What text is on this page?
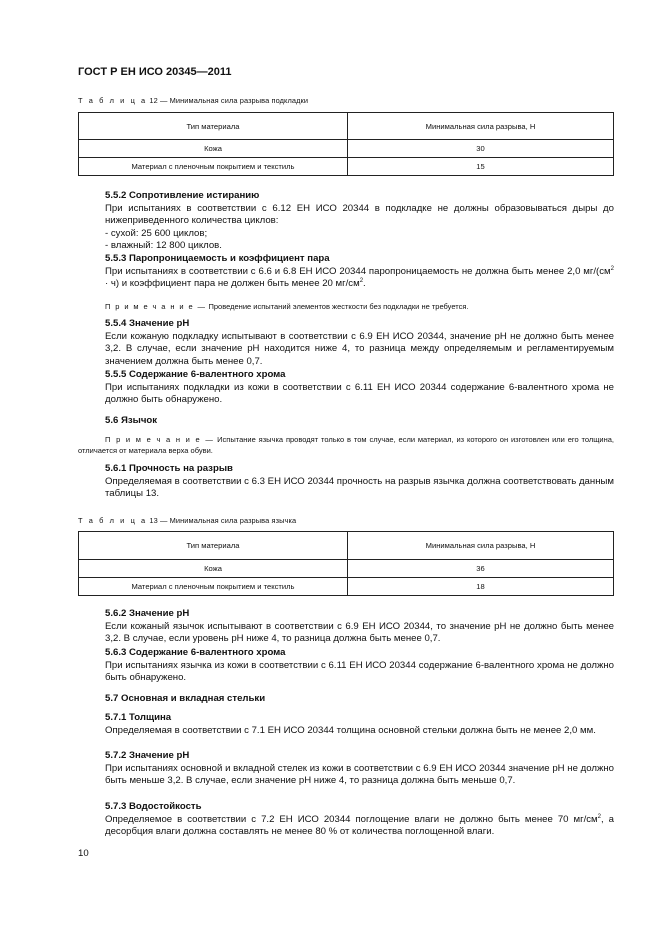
ГОСТ Р ЕН ИСО 20345—2011
Т а б л и ц а 12 — Минимальная сила разрыва подкладки
Тип материала	Минимальная сила разрыва, Н
Кожа	30
Материал с пленочным покрытием и текстиль	15
5.5.2 Сопротивление истиранию
При испытаниях в соответствии с 6.12 ЕН ИСО 20344 в подкладке не должны образовываться дыры до нижеприведенного количества циклов:
- сухой: 25 600 циклов;
- влажный: 12 800 циклов.
5.5.3 Паропроницаемость и коэффициент пара
При испытаниях в соответствии с 6.6 и 6.8 ЕН ИСО 20344 паропроницаемость не должна быть менее 2,0 $мг/(см^2 \cdot ч)$ и коэффициент пара не должен быть менее 20 $мг/см^2$.
П р и м е ч а н и е — Проведение испытаний элементов жесткости без подкладки не требуется.
5.5.4 Значение pH
Если кожаную подкладку испытывают в соответствии с 6.9 ЕН ИСО 20344, значение pH не должно быть менее 3,2. В случае, если значение pH находится ниже 4, то разница между определяемым и регламентируемым значением должна быть менее 0,7.
5.5.5 Содержание 6-валентного хрома
При испытаниях подкладки из кожи в соответствии с 6.11 ЕН ИСО 20344 содержание 6-валентного хрома не должно быть обнаружено.
5.6 Язычок
П р и м е ч а н и е — Испытание язычка проводят только в том случае, если материал, из которого он изготовлен или его толщина, отличается от материала верха обуви.
5.6.1 Прочность на разрыв
Определяемая в соответствии с 6.3 ЕН ИСО 20344 прочность на разрыв язычка должна соответствовать данным таблицы 13.
Т а б л и ц а 13 — Минимальная сила разрыва язычка
Тип материала	Минимальная сила разрыва, Н
Кожа	36
Материал с пленочным покрытием и текстиль	18
5.6.2 Значение pH
Если кожаный язычок испытывают в соответствии с 6.9 ЕН ИСО 20344, то значение pH не должно быть менее 3,2. В случае, если уровень pH ниже 4, то разница должна быть менее 0,7.
5.6.3 Содержание 6-валентного хрома
При испытаниях язычка из кожи в соответствии с 6.11 ЕН ИСО 20344 содержание 6-валентного хрома не должно быть обнаружено.
5.7 Основная и вкладная стельки
5.7.1 Толщина
Определяемая в соответствии с 7.1 ЕН ИСО 20344 толщина основной стельки должна быть не менее 2,0 мм.
5.7.2 Значение pH
При испытаниях основной и вкладной стелек из кожи в соответствии с 6.9 ЕН ИСО 20344 значение pH не должно быть меньше 3,2. В случае, если значение pH ниже 4, то разница должна быть меньше 0,7.
5.7.3 Водостойкость
Определяемое в соответствии с 7.2 ЕН ИСО 20344 поглощение влаги не должно быть менее 70 $мг/см^2$, а десорбция влаги должна составлять не менее 80 % от количества поглощенной влаги.
10
